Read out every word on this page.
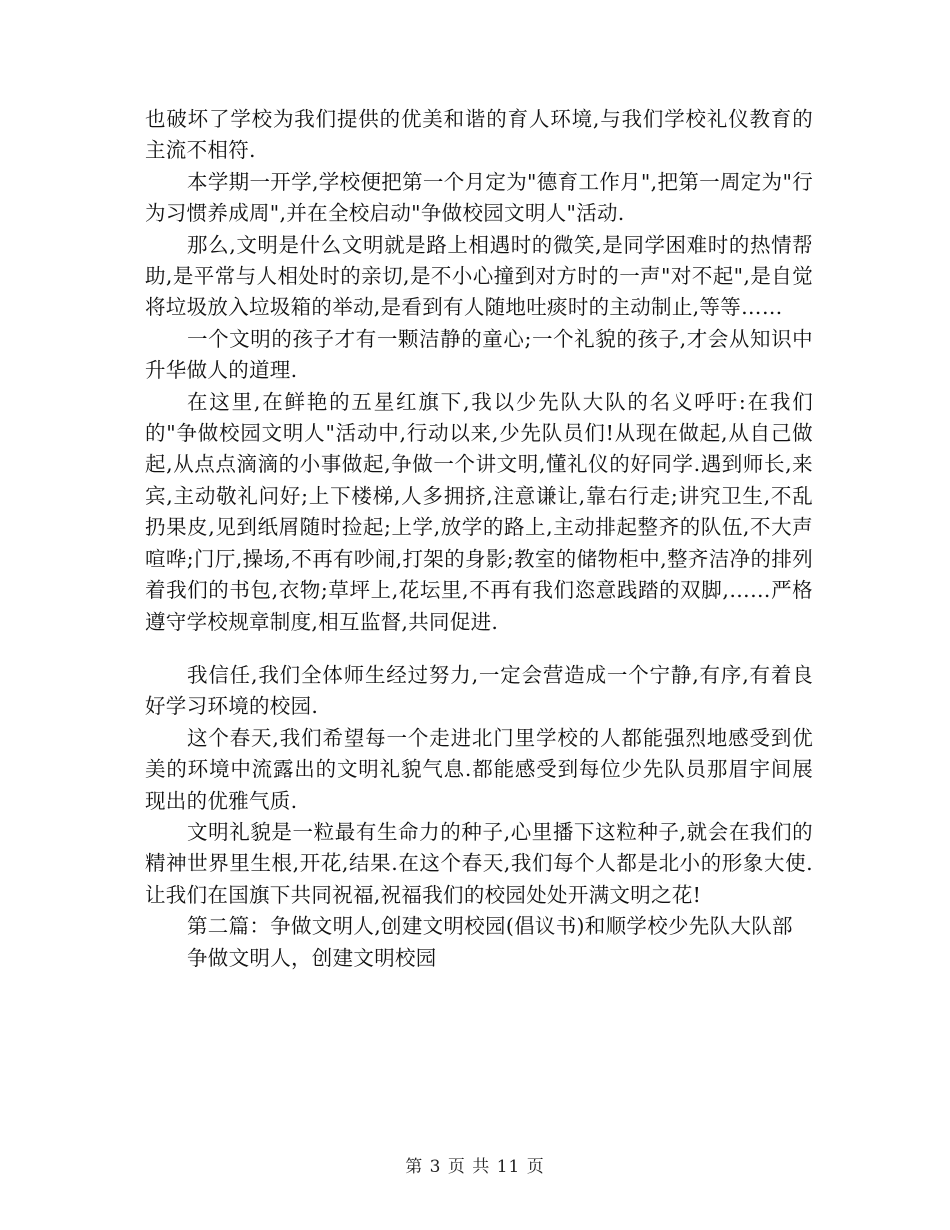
也破坏了学校为我们提供的优美和谐的育人环境,与我们学校礼仪教育的主流不相符.

本学期一开学,学校便把第一个月定为"德育工作月",把第一周定为"行为习惯养成周",并在全校启动"争做校园文明人"活动.

那么,文明是什么文明就是路上相遇时的微笑,是同学困难时的热情帮助,是平常与人相处时的亲切,是不小心撞到对方时的一声"对不起",是自觉将垃圾放入垃圾箱的举动,是看到有人随地吐痰时的主动制止,等等……

一个文明的孩子才有一颗洁静的童心;一个礼貌的孩子,才会从知识中升华做人的道理.

在这里,在鲜艳的五星红旗下,我以少先队大队的名义呼吁:在我们的"争做校园文明人"活动中,行动以来,少先队员们!从现在做起,从自己做起,从点点滴滴的小事做起,争做一个讲文明,懂礼仪的好同学.遇到师长,来宾,主动敬礼问好;上下楼梯,人多拥挤,注意谦让,靠右行走;讲究卫生,不乱扔果皮,见到纸屑随时捡起;上学,放学的路上,主动排起整齐的队伍,不大声喧哗;门厅,操场,不再有吵闹,打架的身影;教室的储物柜中,整齐洁净的排列着我们的书包,衣物;草坪上,花坛里,不再有我们恣意践踏的双脚,……严格遵守学校规章制度,相互监督,共同促进.

我信任,我们全体师生经过努力,一定会营造成一个宁静,有序,有着良好学习环境的校园.

这个春天,我们希望每一个走进北门里学校的人都能强烈地感受到优美的环境中流露出的文明礼貌气息.都能感受到每位少先队员那眉宇间展现出的优雅气质.

文明礼貌是一粒最有生命力的种子,心里播下这粒种子,就会在我们的精神世界里生根,开花,结果.在这个春天,我们每个人都是北小的形象大使.让我们在国旗下共同祝福,祝福我们的校园处处开满文明之花!

第二篇：争做文明人,创建文明校园(倡议书)和顺学校少先队大队部

争做文明人，创建文明校园

第 3 页 共 11 页
